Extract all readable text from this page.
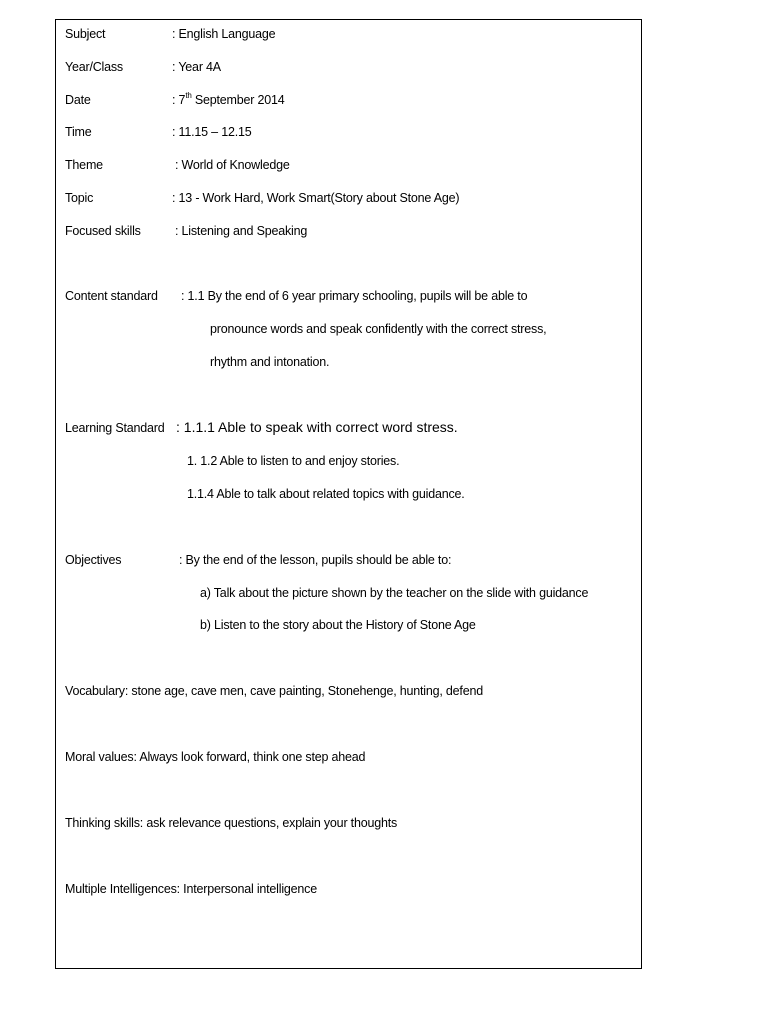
Subject	: English Language
Year/Class	: Year 4A
Date	: 7th September 2014
Time	: 11.15 – 12.15
Theme	: World of Knowledge
Topic	: 13 - Work Hard, Work Smart(Story about Stone Age)
Focused skills	: Listening and Speaking
Content standard : 1.1 By the end of 6 year primary schooling, pupils will be able to
pronounce words and speak confidently with the correct stress,
rhythm and intonation.
Learning Standard : 1.1.1 Able to speak with correct word stress.
1. 1.2 Able to listen to and enjoy stories.
1.1.4 Able to talk about related topics with guidance.
Objectives	: By the end of the lesson, pupils should be able to:
a) Talk about the picture shown by the teacher on the slide with guidance
b) Listen to the story about the History of Stone Age
Vocabulary: stone age, cave men, cave painting, Stonehenge, hunting, defend
Moral values: Always look forward, think one step ahead
Thinking skills: ask relevance questions, explain your thoughts
Multiple Intelligences: Interpersonal intelligence
